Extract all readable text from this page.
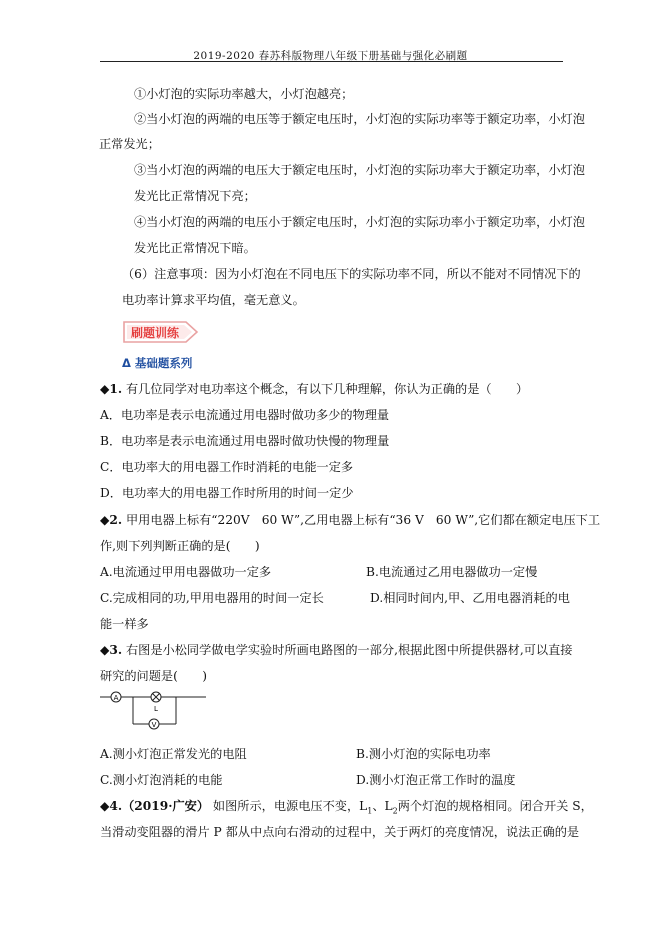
2019-2020 春苏科版物理八年级下册基础与强化必刷题
①小灯泡的实际功率越大，小灯泡越亮；
②当小灯泡的两端的电压等于额定电压时，小灯泡的实际功率等于额定功率，小灯泡
正常发光；
③当小灯泡的两端的电压大于额定电压时，小灯泡的实际功率大于额定功率，小灯泡
发光比正常情况下亮；
④当小灯泡的两端的电压小于额定电压时，小灯泡的实际功率小于额定功率，小灯泡
发光比正常情况下暗。
（6）注意事项：因为小灯泡在不同电压下的实际功率不同，所以不能对不同情况下的
电功率计算求平均值，毫无意义。
刷题训练
Δ 基础题系列
◆1. 有几位同学对电功率这个概念，有以下几种理解，你认为正确的是（　　）
A．电功率是表示电流通过用电器时做功多少的物理量
B．电功率是表示电流通过用电器时做功快慢的物理量
C．电功率大的用电器工作时消耗的电能一定多
D．电功率大的用电器工作时所用的时间一定少
◆2. 甲用电器上标有“220V　60 W”,乙用电器上标有“36 V　60 W”,它们都在额定电压下工
作,则下列判断正确的是(　　)
A.电流通过甲用电器做功一定多	B.电流通过乙用电器做功一定慢
C.完成相同的功,甲用电器用的时间一定长	D.相同时间内,甲、乙用电器消耗的电
能一样多
◆3. 右图是小松同学做电学实验时所画电路图的一部分,根据此图中所提供器材,可以直接
研究的问题是(　　)
A
L
V
A.测小灯泡正常发光的电阻	B.测小灯泡的实际电功率
C.测小灯泡消耗的电能	D.测小灯泡正常工作时的温度
◆4.（2019·广安） 如图所示，电源电压不变，$L_1$、$L_2$两个灯泡的规格相同。闭合开关 S，
当滑动变阻器的滑片 P 都从中点向右滑动的过程中，关于两灯的亮度情况，说法正确的是
